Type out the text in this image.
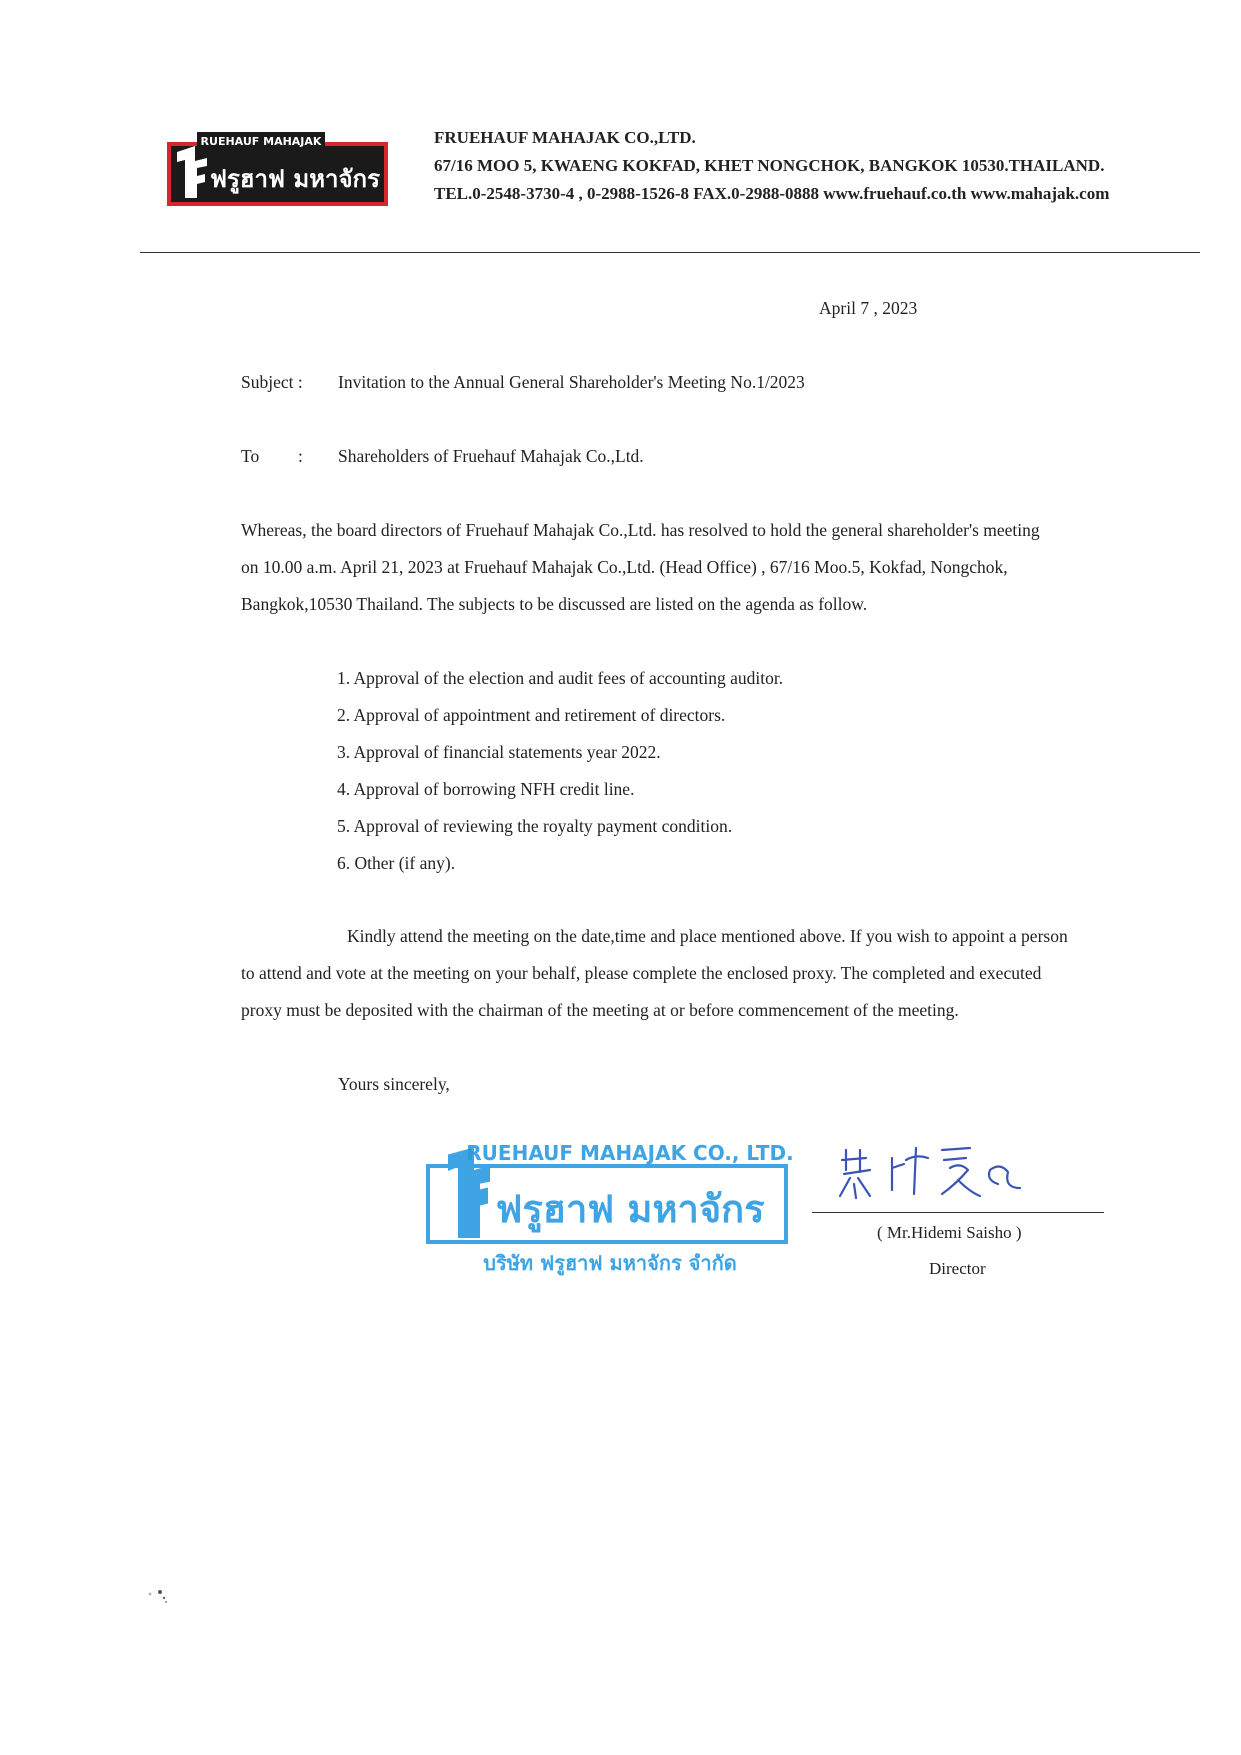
RUEHAUF MAHAJAK
ฟรูฮาฟ มหาจักร
FRUEHAUF MAHAJAK CO.,LTD.
67/16 MOO 5, KWAENG KOKFAD, KHET NONGCHOK, BANGKOK 10530.THAILAND.
TEL.0-2548-3730-4 , 0-2988-1526-8 FAX.0-2988-0888 www.fruehauf.co.th www.mahajak.com
April 7 , 2023
Subject : Invitation to the Annual General Shareholder's Meeting No.1/2023
To : Shareholders of Fruehauf Mahajak Co.,Ltd.
Whereas, the board directors of Fruehauf Mahajak Co.,Ltd. has resolved to hold the general shareholder's meeting
on 10.00 a.m. April 21, 2023 at Fruehauf Mahajak Co.,Ltd. (Head Office) , 67/16 Moo.5, Kokfad, Nongchok,
Bangkok,10530 Thailand. The subjects to be discussed are listed on the agenda as follow.
1. Approval of the election and audit fees of accounting auditor.
2. Approval of appointment and retirement of directors.
3. Approval of financial statements year 2022.
4. Approval of borrowing NFH credit line.
5. Approval of reviewing the royalty payment condition.
6. Other (if any).
Kindly attend the meeting on the date,time and place mentioned above. If you wish to appoint a person
to attend and vote at the meeting on your behalf, please complete the enclosed proxy. The completed and executed
proxy must be deposited with the chairman of the meeting at or before commencement of the meeting.
Yours sincerely,
RUEHAUF MAHAJAK CO., LTD.
ฟรูฮาฟ มหาจักร
บริษัท ฟรูฮาฟ มหาจักร จำกัด
( Mr.Hidemi Saisho )
Director
